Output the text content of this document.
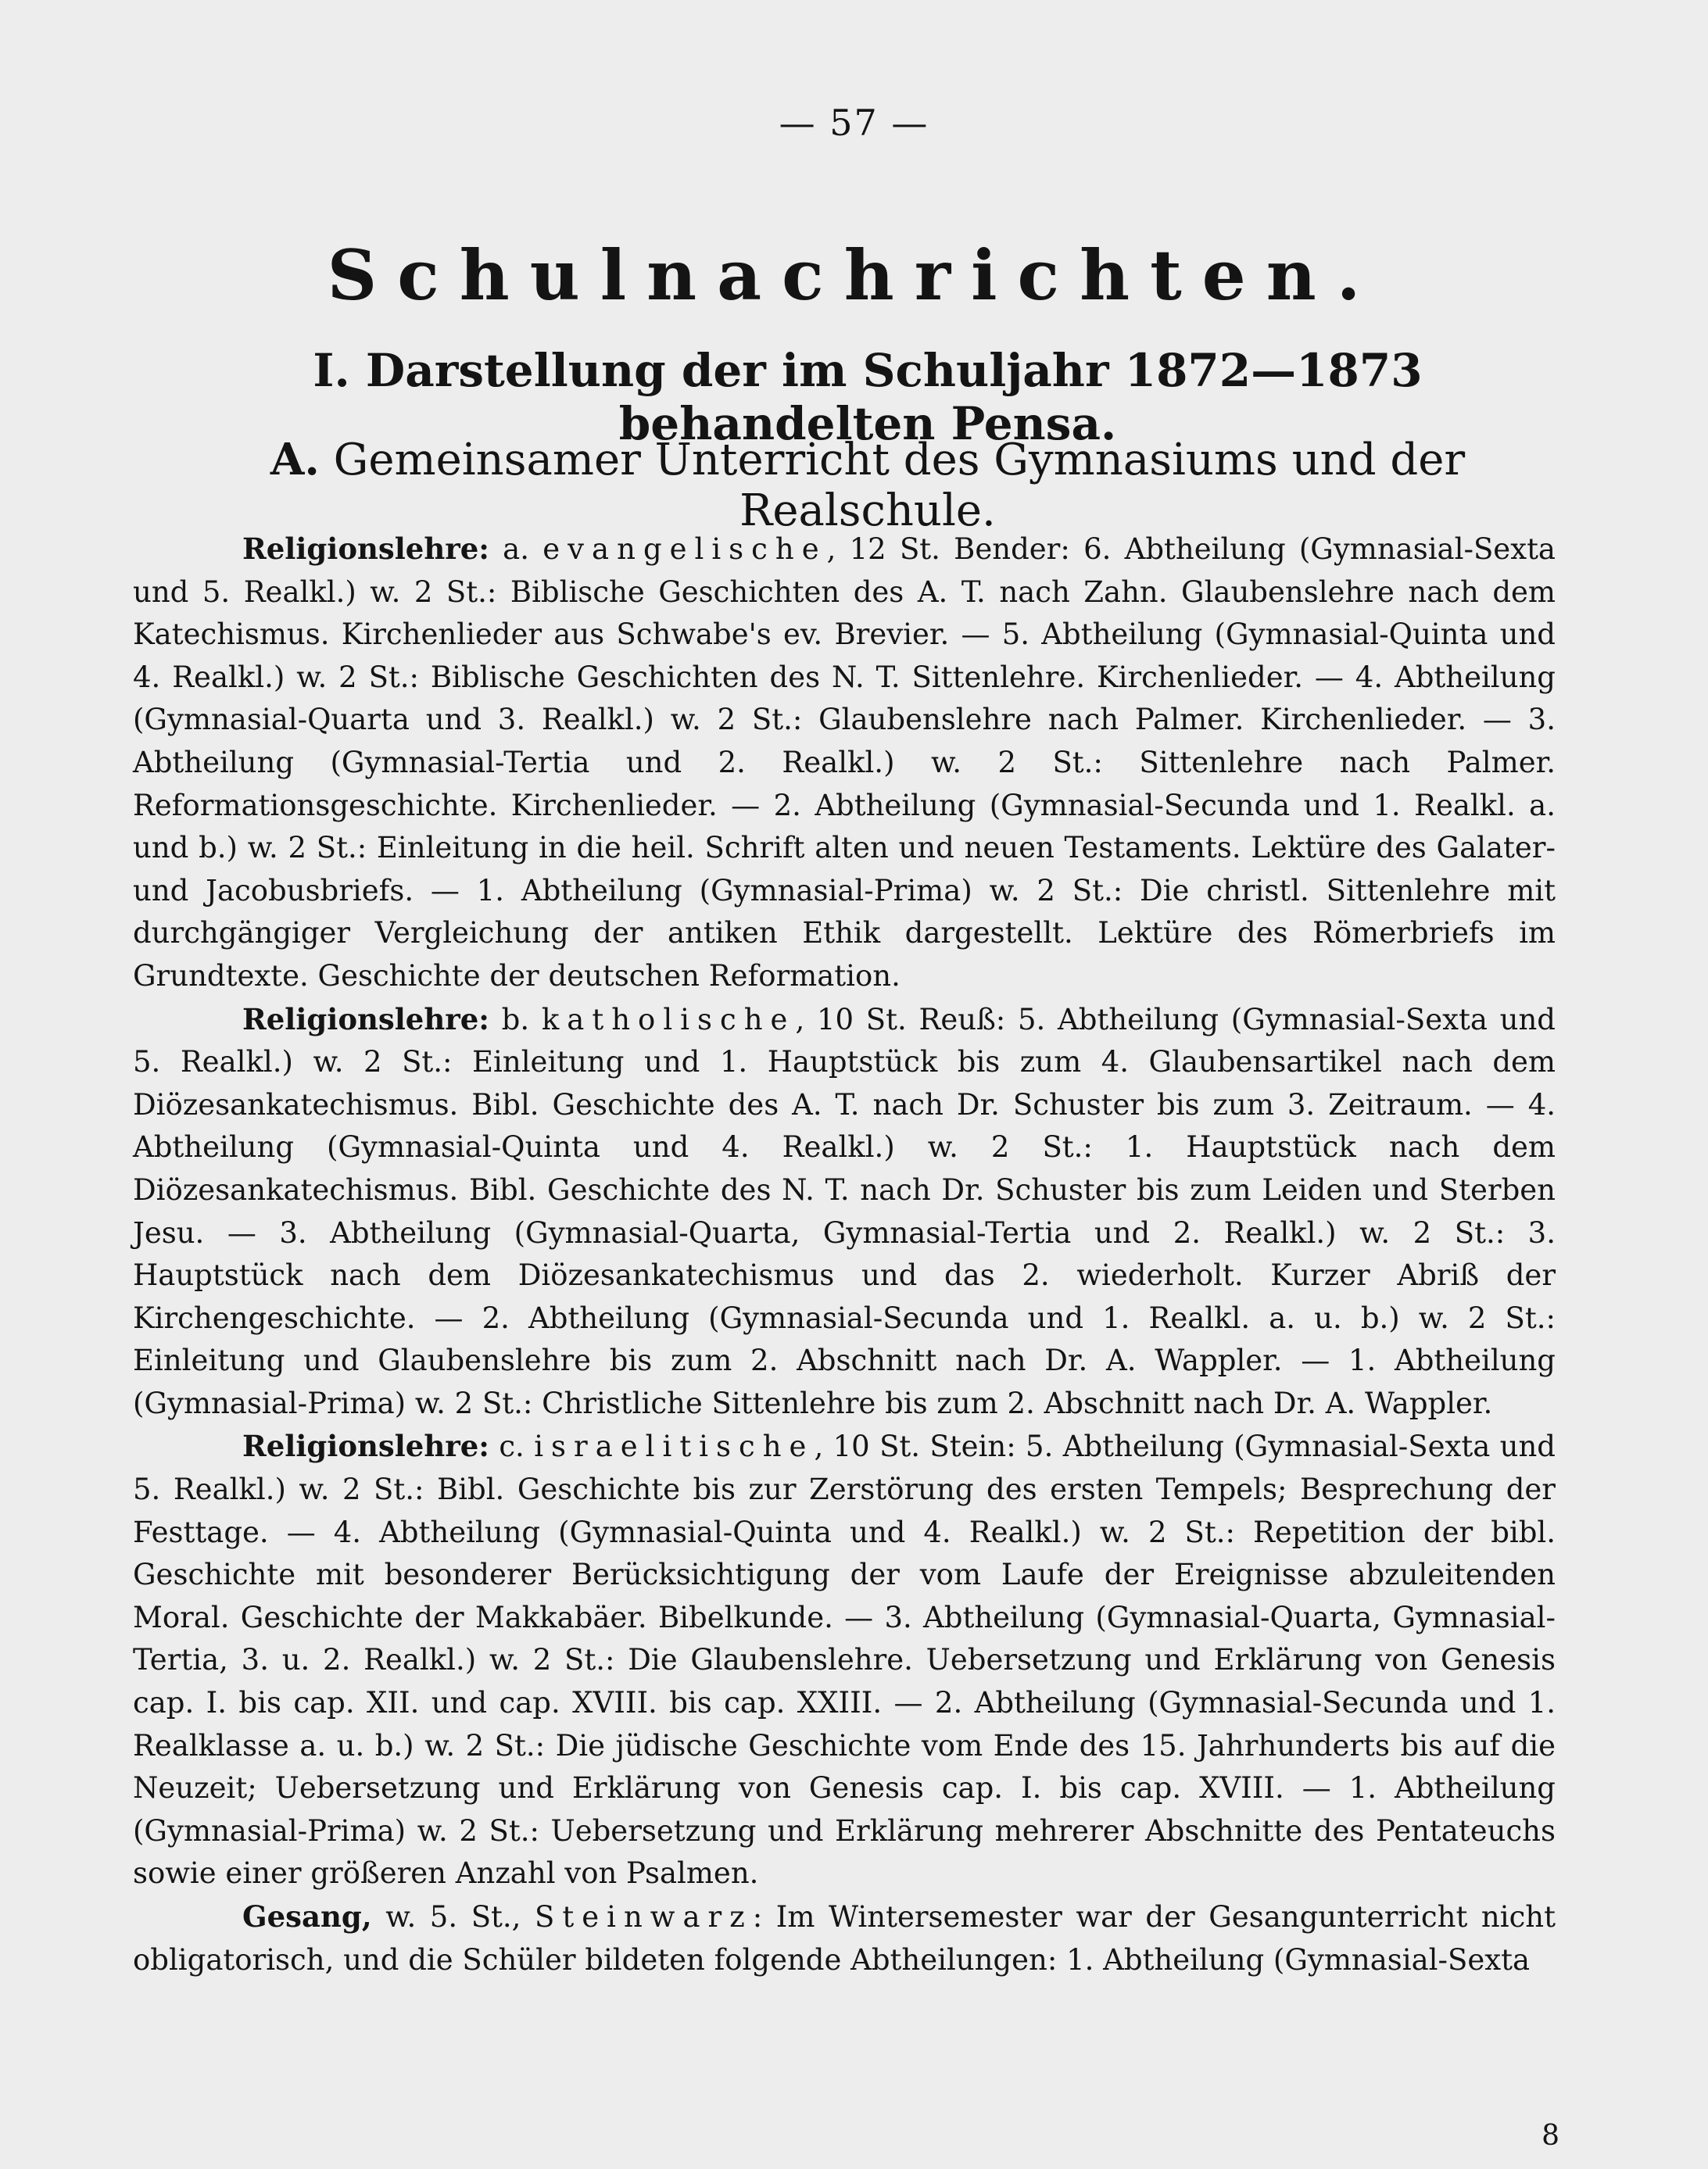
— 57 —
Schulnachrichten.
I. Darstellung der im Schuljahr 1872—1873 behandelten Pensa.
A. Gemeinsamer Unterricht des Gymnasiums und der Realschule.

Religionslehre: a. evangelische, 12 St. Bender: 6. Abtheilung (Gymnasial-Sexta und 5. Realkl.) w. 2 St.: Biblische Geschichten des A. T. nach Zahn. Glaubenslehre nach dem Katechismus. Kirchenlieder aus Schwabe's ev. Brevier. — 5. Abtheilung (Gymnasial-Quinta und 4. Realkl.) w. 2 St.: Biblische Geschichten des N. T. Sittenlehre. Kirchenlieder. — 4. Abtheilung (Gymnasial-Quarta und 3. Realkl.) w. 2 St.: Glaubenslehre nach Palmer. Kirchenlieder. — 3. Abtheilung (Gymnasial-Tertia und 2. Realkl.) w. 2 St.: Sittenlehre nach Palmer. Reformationsgeschichte. Kirchenlieder. — 2. Abtheilung (Gymnasial-Secunda und 1. Realkl. a. und b.) w. 2 St.: Einleitung in die heil. Schrift alten und neuen Testaments. Lektüre des Galater- und Jacobusbriefs. — 1. Abtheilung (Gymnasial-Prima) w. 2 St.: Die christl. Sittenlehre mit durchgängiger Vergleichung der antiken Ethik dargestellt. Lektüre des Römerbriefs im Grundtexte. Geschichte der deutschen Reformation.

Religionslehre: b. katholische, 10 St. Reuß: 5. Abtheilung (Gymnasial-Sexta und 5. Realkl.) w. 2 St.: Einleitung und 1. Hauptstück bis zum 4. Glaubensartikel nach dem Diözesankatechismus. Bibl. Geschichte des A. T. nach Dr. Schuster bis zum 3. Zeitraum. — 4. Abtheilung (Gymnasial-Quinta und 4. Realkl.) w. 2 St.: 1. Hauptstück nach dem Diözesankatechismus. Bibl. Geschichte des N. T. nach Dr. Schuster bis zum Leiden und Sterben Jesu. — 3. Abtheilung (Gymnasial-Quarta, Gymnasial-Tertia und 2. Realkl.) w. 2 St.: 3. Hauptstück nach dem Diözesankatechismus und das 2. wiederholt. Kurzer Abriß der Kirchengeschichte. — 2. Abtheilung (Gymnasial-Secunda und 1. Realkl. a. u. b.) w. 2 St.: Einleitung und Glaubenslehre bis zum 2. Abschnitt nach Dr. A. Wappler. — 1. Abtheilung (Gymnasial-Prima) w. 2 St.: Christliche Sittenlehre bis zum 2. Abschnitt nach Dr. A. Wappler.

Religionslehre: c. israelitische, 10 St. Stein: 5. Abtheilung (Gymnasial-Sexta und 5. Realkl.) w. 2 St.: Bibl. Geschichte bis zur Zerstörung des ersten Tempels; Besprechung der Festtage. — 4. Abtheilung (Gymnasial-Quinta und 4. Realkl.) w. 2 St.: Repetition der bibl. Geschichte mit besonderer Berücksichtigung der vom Laufe der Ereignisse abzuleitenden Moral. Geschichte der Makkabäer. Bibelkunde. — 3. Abtheilung (Gymnasial-Quarta, Gymnasial-Tertia, 3. u. 2. Realkl.) w. 2 St.: Die Glaubenslehre. Uebersetzung und Erklärung von Genesis cap. I. bis cap. XII. und cap. XVIII. bis cap. XXIII. — 2. Abtheilung (Gymnasial-Secunda und 1. Realklasse a. u. b.) w. 2 St.: Die jüdische Geschichte vom Ende des 15. Jahrhunderts bis auf die Neuzeit; Uebersetzung und Erklärung von Genesis cap. I. bis cap. XVIII. — 1. Abtheilung (Gymnasial-Prima) w. 2 St.: Uebersetzung und Erklärung mehrerer Abschnitte des Pentateuchs sowie einer größeren Anzahl von Psalmen.

Gesang, w. 5. St., Steinwarz: Im Wintersemester war der Gesangunterricht nicht obligatorisch, und die Schüler bildeten folgende Abtheilungen: 1. Abtheilung (Gymnasial-Sexta

8
